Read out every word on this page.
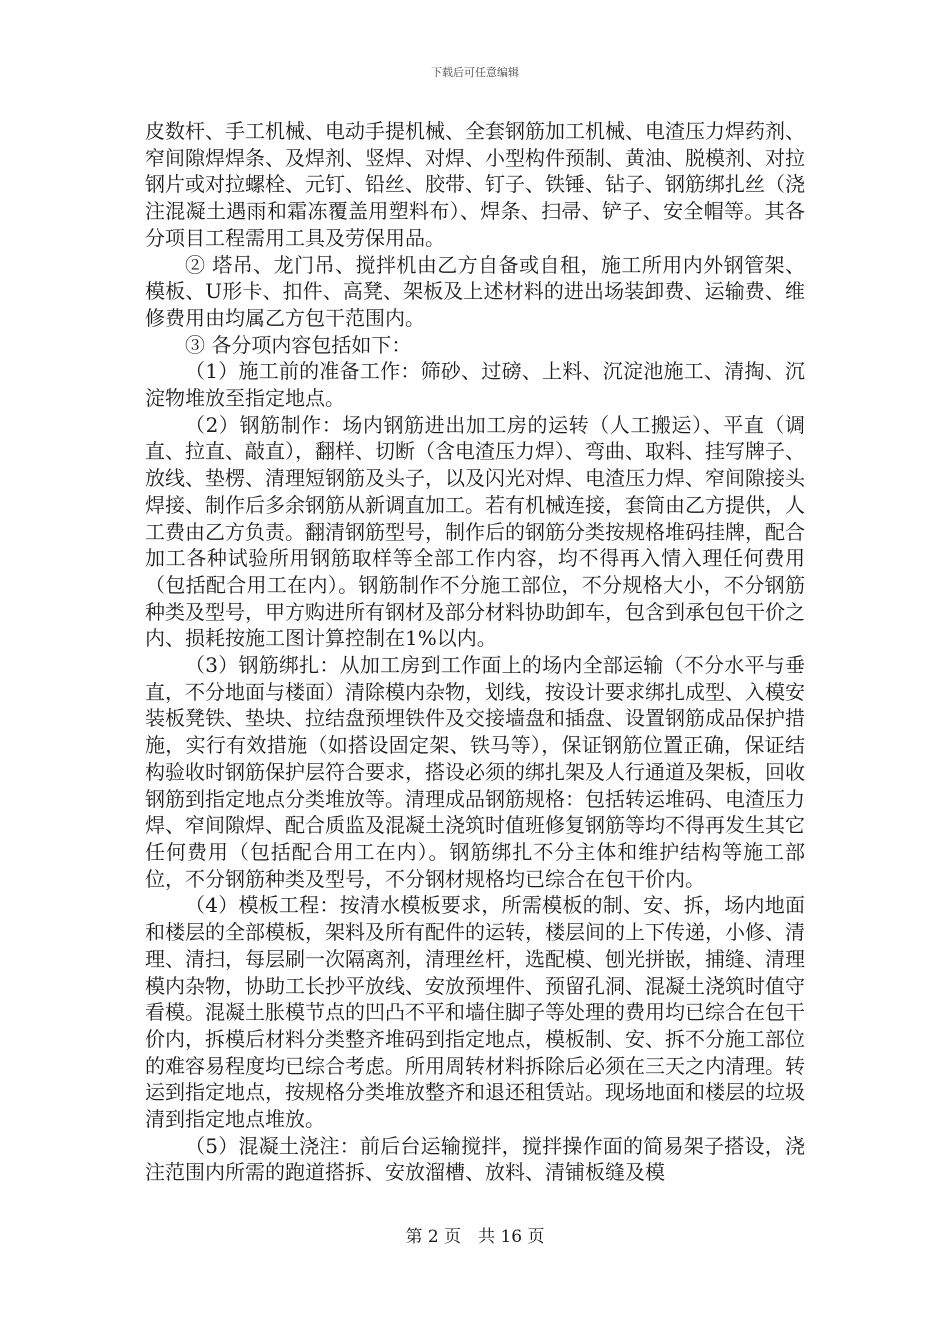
下载后可任意编辑

皮数杆、手工机械、电动手提机械、全套钢筋加工机械、电渣压力焊药剂、窄间隙焊焊条、及焊剂、竖焊、对焊、小型构件预制、黄油、脱模剂、对拉钢片或对拉螺栓、元钉、铅丝、胶带、钉子、铁锤、钻子、钢筋绑扎丝（浇注混凝土遇雨和霜冻覆盖用塑料布）、焊条、扫帚、铲子、安全帽等。其各分项目工程需用工具及劳保用品。

② 塔吊、龙门吊、搅拌机由乙方自备或自租，施工所用内外钢管架、模板、U形卡、扣件、高凳、架板及上述材料的进出场装卸费、运输费、维修费用由均属乙方包干范围内。

③ 各分项内容包括如下：

（1）施工前的准备工作：筛砂、过磅、上料、沉淀池施工、清掏、沉淀物堆放至指定地点。

（2）钢筋制作：场内钢筋进出加工房的运转（人工搬运）、平直（调直、拉直、敲直），翻样、切断（含电渣压力焊）、弯曲、取料、挂写牌子、放线、垫楞、清理短钢筋及头子，以及闪光对焊、电渣压力焊、窄间隙接头焊接、制作后多余钢筋从新调直加工。若有机械连接，套筒由乙方提供，人工费由乙方负责。翻清钢筋型号，制作后的钢筋分类按规格堆码挂牌，配合加工各种试验所用钢筋取样等全部工作内容，均不得再入情入理任何费用（包括配合用工在内）。钢筋制作不分施工部位，不分规格大小，不分钢筋种类及型号，甲方购进所有钢材及部分材料协助卸车，包含到承包包干价之内、损耗按施工图计算控制在1%以内。

（3）钢筋绑扎：从加工房到工作面上的场内全部运输（不分水平与垂直，不分地面与楼面）清除模内杂物，划线，按设计要求绑扎成型、入模安装板凳铁、垫块、拉结盘预埋铁件及交接墙盘和插盘、设置钢筋成品保护措施，实行有效措施（如搭设固定架、铁马等），保证钢筋位置正确，保证结构验收时钢筋保护层符合要求，搭设必须的绑扎架及人行通道及架板，回收钢筋到指定地点分类堆放等。清理成品钢筋规格：包括转运堆码、电渣压力焊、窄间隙焊、配合质监及混凝土浇筑时值班修复钢筋等均不得再发生其它任何费用（包括配合用工在内）。钢筋绑扎不分主体和维护结构等施工部位，不分钢筋种类及型号，不分钢材规格均已综合在包干价内。

（4）模板工程：按清水模板要求，所需模板的制、安、拆，场内地面和楼层的全部模板，架料及所有配件的运转，楼层间的上下传递，小修、清理、清扫，每层刷一次隔离剂，清理丝杆，选配模、刨光拼嵌，捕缝、清理模内杂物，协助工长抄平放线、安放预埋件、预留孔洞、混凝土浇筑时值守看模。混凝土胀模节点的凹凸不平和墙住脚子等处理的费用均已综合在包干价内，拆模后材料分类整齐堆码到指定地点，模板制、安、拆不分施工部位的难容易程度均已综合考虑。所用周转材料拆除后必须在三天之内清理。转运到指定地点，按规格分类堆放整齐和退还租赁站。现场地面和楼层的垃圾清到指定地点堆放。

（5）混凝土浇注：前后台运输搅拌，搅拌操作面的简易架子搭设，浇注范围内所需的跑道搭拆、安放溜槽、放料、清铺板缝及模

第 2 页　共 16 页
